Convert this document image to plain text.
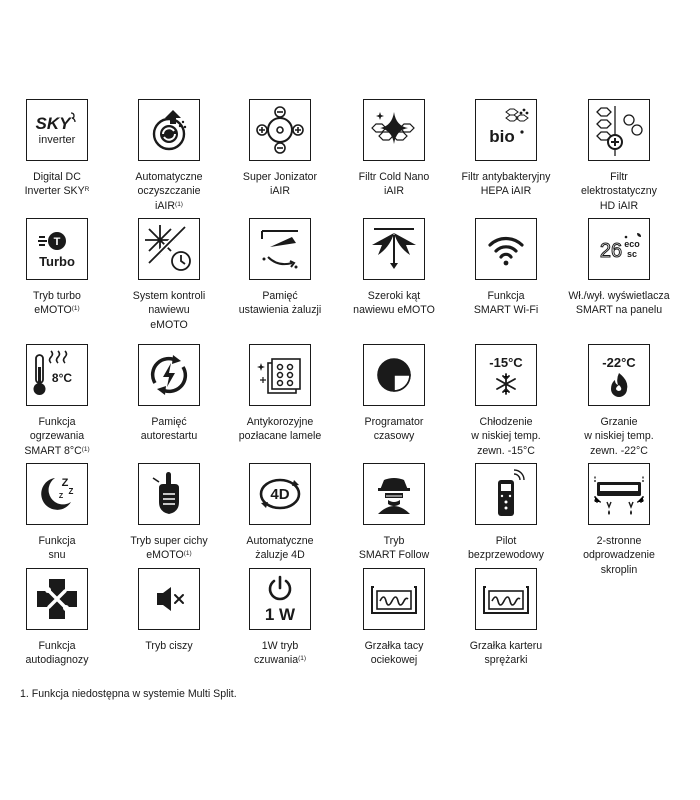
SKY
inverter
Digital DC
Inverter $SKY^R$
Automatyczne
oczyszczanie
iAIR$^{(1)}$
Super Jonizator
iAIR
Filtr Cold Nano
iAIR
bio
Filtr antybakteryjny
HEPA iAIR
Filtr
elektrostatyczny
HD iAIR
T
Turbo
Tryb turbo
eMOTO$^{(1)}$
System kontroli
nawiewu
eMOTO
Pamięć
ustawienia żaluzji
Szeroki kąt
nawiewu eMOTO
Funkcja
SMART Wi-Fi
26 eco
sc
Wł./wył. wyświetlacza
SMART na panelu
8°C
Funkcja
ogrzewania
SMART $8^\circ C^{(1)}$
Pamięć
autorestartu
Antykorozyjne
pozłacane lamele
Programator
czasowy
-15°C
Chłodzenie
w niskiej temp.
zewn. -15°C
-22°C
Grzanie
w niskiej temp.
zewn. -22°C
Z
Z
Z
Funkcja
snu
Tryb super cichy
eMOTO$^{(1)}$
4D
Automatyczne
żaluzje 4D
Tryb
SMART Follow
Pilot
bezprzewodowy
2-stronne
odprowadzenie
skroplin
Funkcja
autodiagnozy
Tryb ciszy
1 W
1W tryb
czuwania$^{(1)}$
Grzałka tacy
ociekowej
Grzałka karteru
sprężarki
1. Funkcja niedostępna w systemie Multi Split.
